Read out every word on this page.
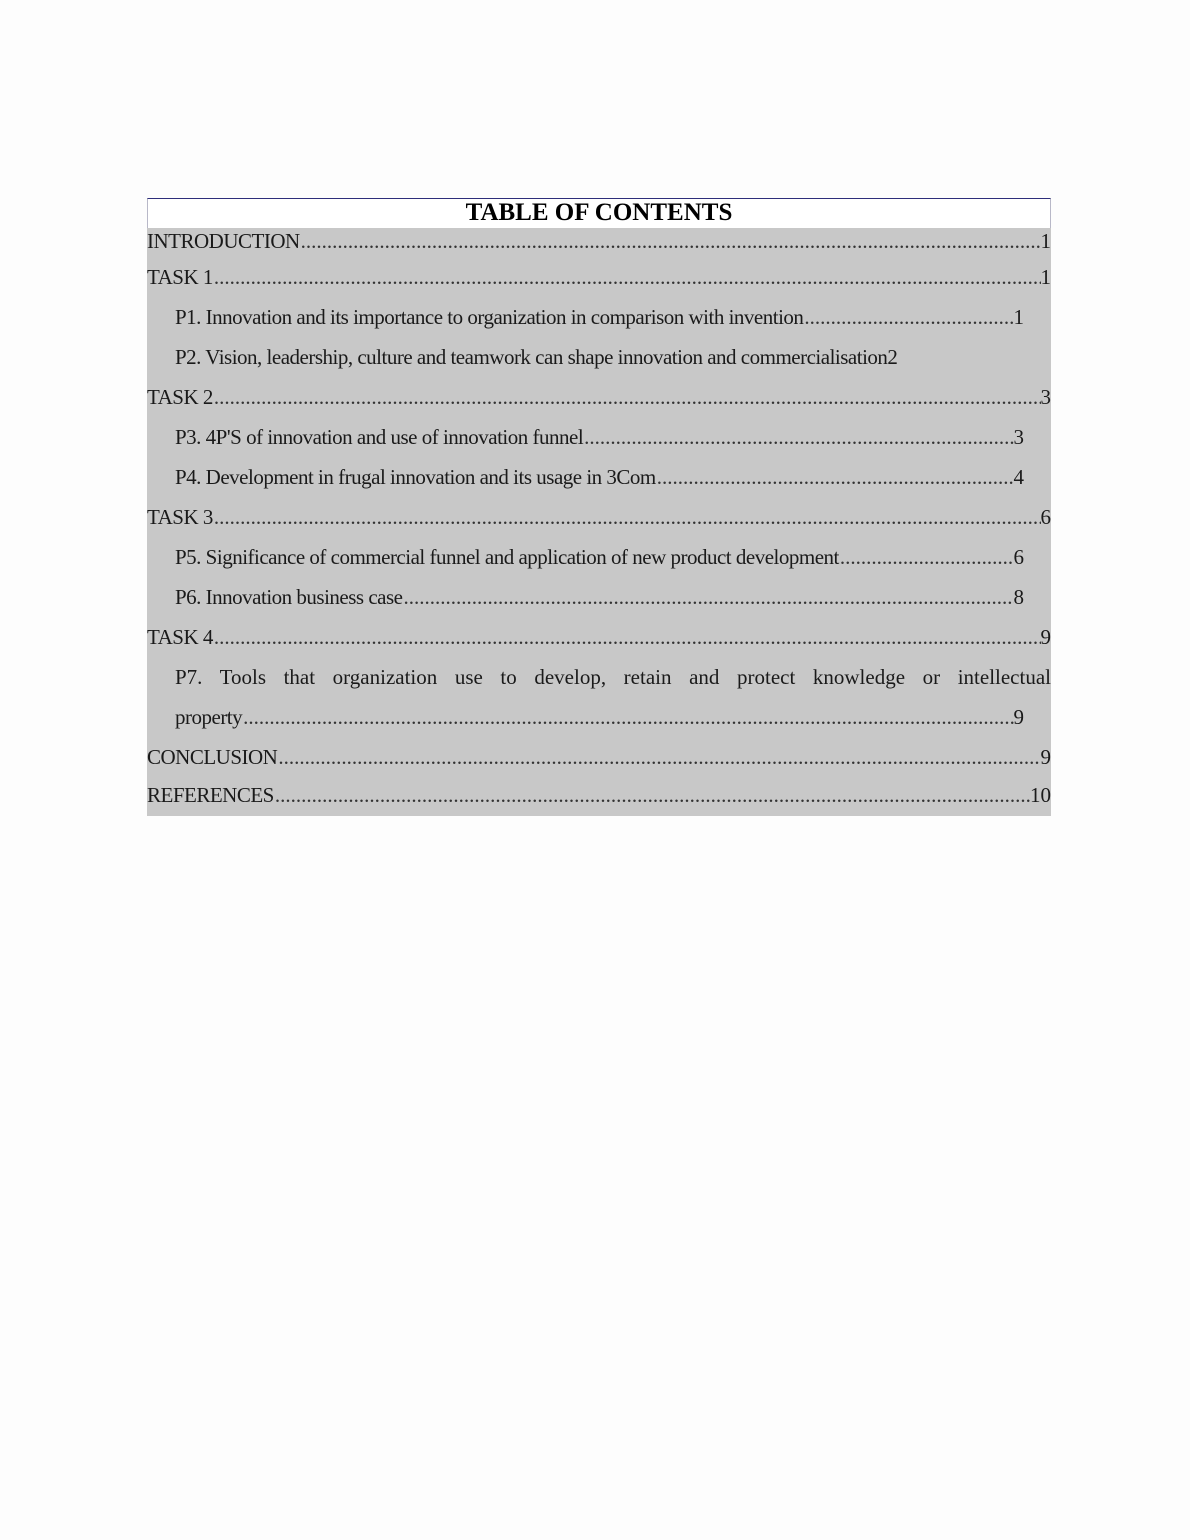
TABLE OF CONTENTS
INTRODUCTION .....	1
TASK 1 .....	1
P1. Innovation and its importance to organization in comparison with invention .....	1
P2. Vision, leadership, culture and teamwork can shape innovation and commercialisation 2
TASK 2 .....	3
P3. 4P'S of innovation and use of innovation funnel .....	3
P4. Development in frugal innovation and its usage in 3Com .....	4
TASK 3 .....	6
P5. Significance of commercial funnel and application of new product development .....	6
P6. Innovation business case .....	8
TASK 4 .....	9
P7. Tools that organization use to develop, retain and protect knowledge or intellectual
property .....	9
CONCLUSION .....	9
REFERENCES .....	10
